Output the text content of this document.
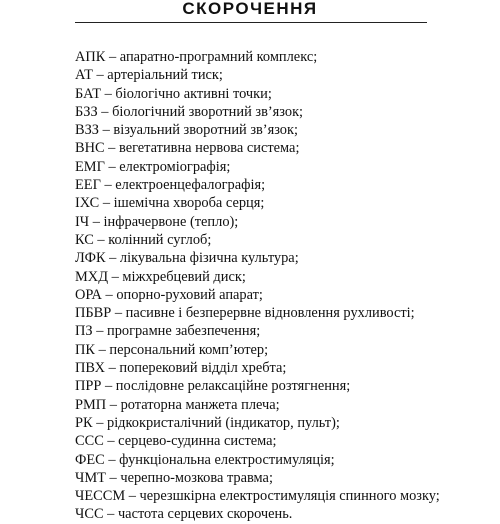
СКОРОЧЕННЯ
АПК – апаратно-програмний комплекс;
АТ – артеріальний тиск;
БАТ – біологічно активні точки;
БЗЗ – біологічний зворотний зв’язок;
ВЗЗ – візуальний зворотний зв’язок;
ВНС – вегетативна нервова система;
ЕМГ – електроміографія;
ЕЕГ – електроенцефалографія;
ІХС – ішемічна хвороба серця;
ІЧ – інфрачервоне (тепло);
КС – колінний суглоб;
ЛФК – лікувальна фізична культура;
МХД – міжхребцевий диск;
ОРА – опорно-руховий апарат;
ПБВР – пасивне і безперервне відновлення рухливості;
ПЗ – програмне забезпечення;
ПК – персональний комп’ютер;
ПВХ – поперековий відділ хребта;
ПРР – послідовне релаксаційне розтягнення;
РМП – ротаторна манжета плеча;
РК – рідкокристалічний (індикатор, пульт);
ССС – серцево-судинна система;
ФЕС – функціональна електростимуляція;
ЧМТ – черепно-мозкова травма;
ЧЕССМ – черезшкірна електростимуляція спинного мозку;
ЧСС – частота серцевих скорочень.
